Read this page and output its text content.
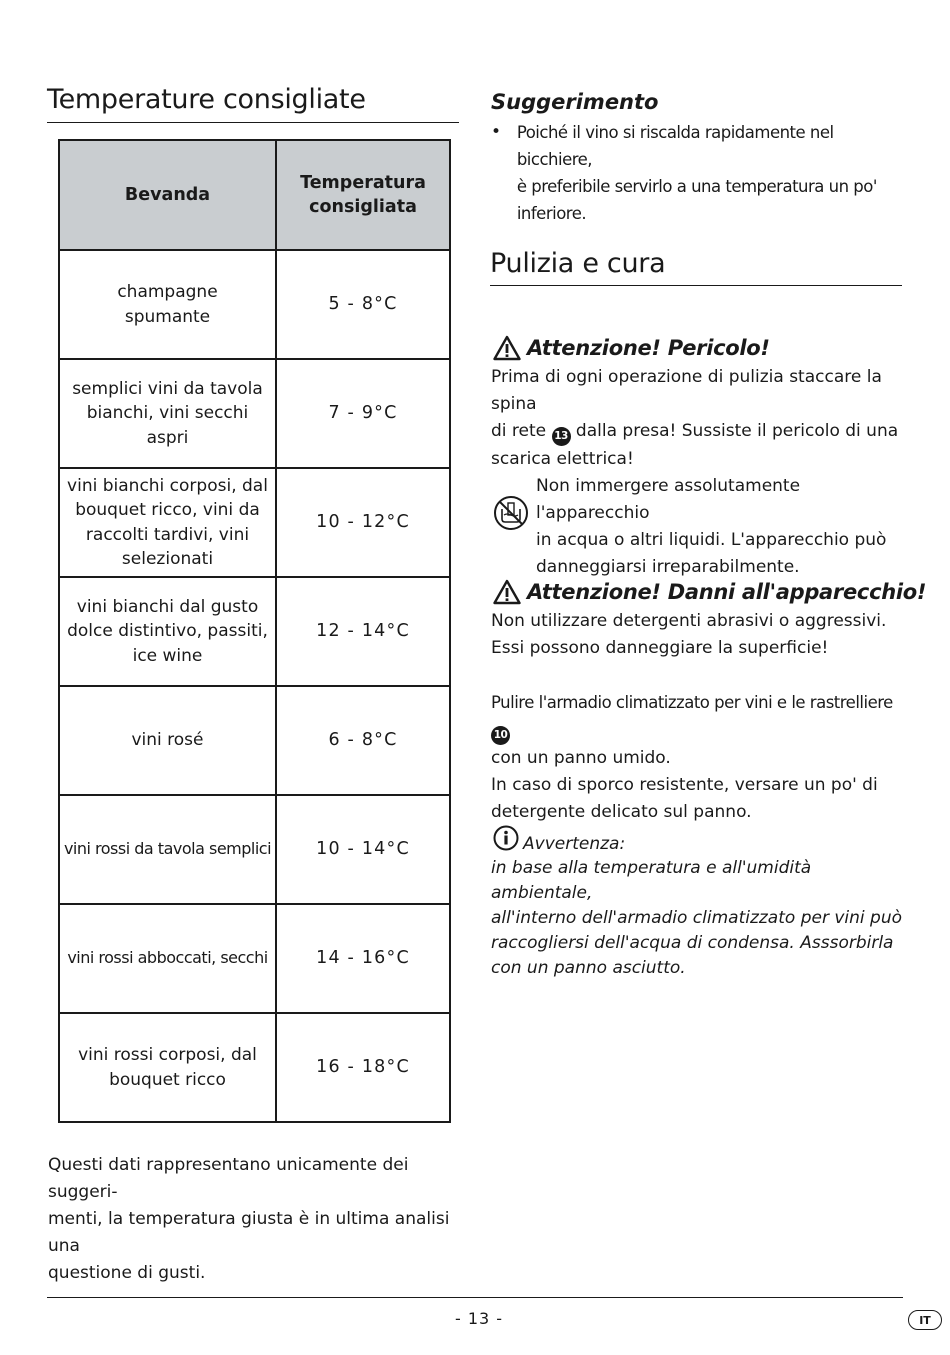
Temperature consigliate
Bevanda	Temperatura consigliata
champagne spumante	5 - 8°C
semplici vini da tavola bianchi, vini secchi aspri	7 - 9°C
vini bianchi corposi, dal bouquet ricco, vini da raccolti tardivi, vini selezionati	10 - 12°C
vini bianchi dal gusto dolce distintivo, passiti, ice wine	12 - 14°C
vini rosé	6 - 8°C
vini rossi da tavola semplici	10 - 14°C
vini rossi abboccati, secchi	14 - 16°C
vini rossi corposi, dal bouquet ricco	16 - 18°C
Questi dati rappresentano unicamente dei suggeri-
menti, la temperatura giusta è in ultima analisi una
questione di gusti.
Suggerimento
• Poiché il vino si riscalda rapidamente nel bicchiere,
è preferibile servirlo a una temperatura un po'
inferiore.
Pulizia e cura
Attenzione! Pericolo!
Prima di ogni operazione di pulizia staccare la spina
di rete 13 dalla presa! Sussiste il pericolo di una
scarica elettrica!
Non immergere assolutamente l'apparecchio
in acqua o altri liquidi. L'apparecchio può
danneggiarsi irreparabilmente.
Attenzione! Danni all'apparecchio!
Non utilizzare detergenti abrasivi o aggressivi.
Essi possono danneggiare la superficie!
Pulire l'armadio climatizzato per vini e le rastrelliere 10
con un panno umido.
In caso di sporco resistente, versare un po' di
detergente delicato sul panno.
Avvertenza:
in base alla temperatura e all'umidità ambientale,
all'interno dell'armadio climatizzato per vini può
raccogliersi dell'acqua di condensa. Asssorbirla
con un panno asciutto.
- 13 -	IT
